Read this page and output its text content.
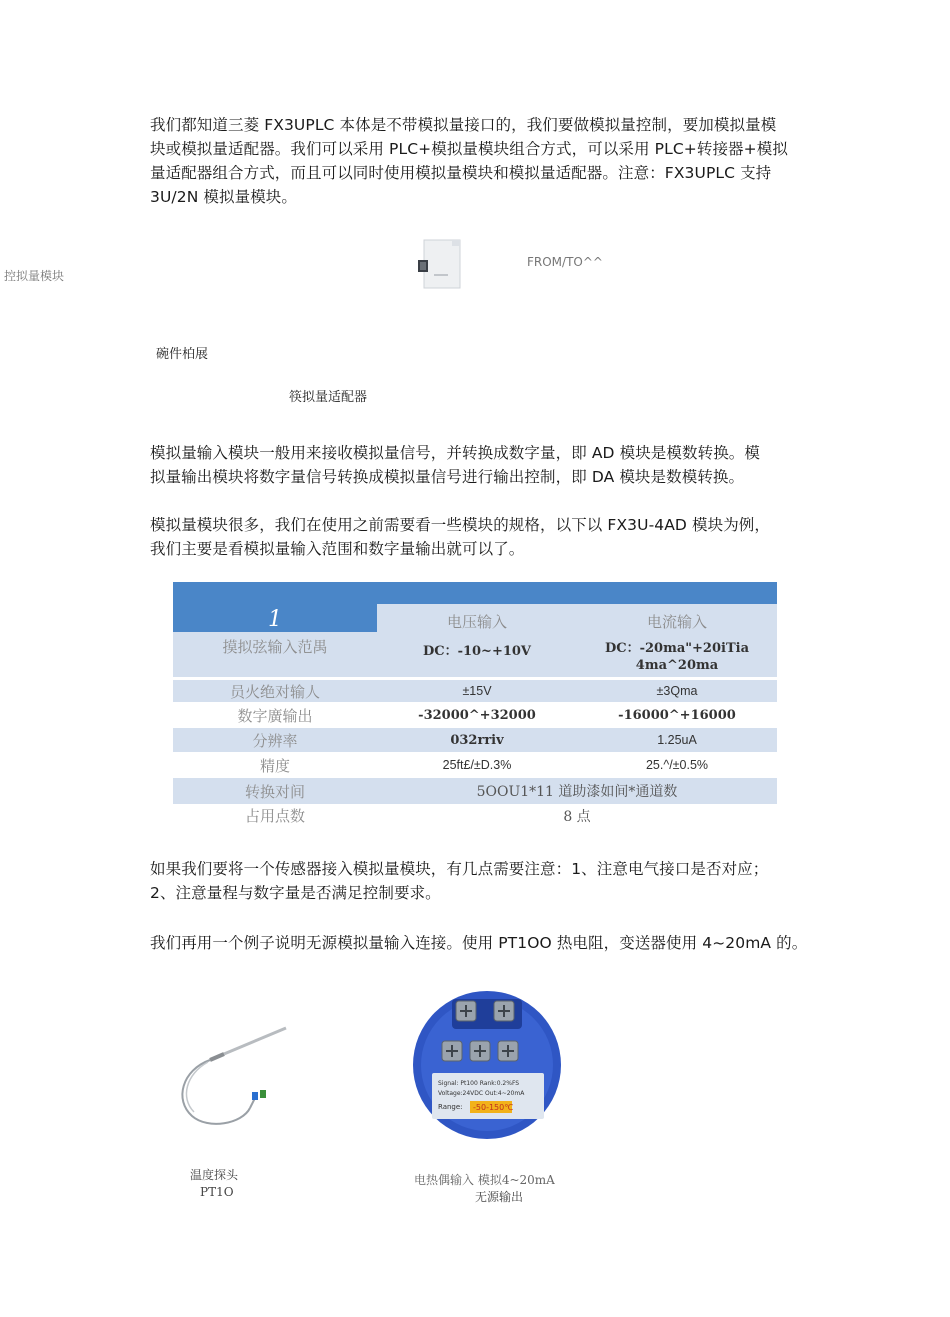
我们都知道三菱 FX3UPLC 本体是不带模拟量接口的，我们要做模拟量控制，要加模拟量模
块或模拟量适配器。我们可以采用 PLC+模拟量模块组合方式，可以采用 PLC+转接器+模拟
量适配器组合方式，而且可以同时使用模拟量模块和模拟量适配器。注意：FX3UPLC 支持
3U/2N 模拟量模块。
控拟量模块
FROM/TO^^
碗件柏展
筷拟量适配器
模拟量输入模块一般用来接收模拟量信号，并转换成数字量，即 AD 模块是模数转换。模
拟量输出模块将数字量信号转换成模拟量信号进行输出控制，即 DA 模块是数模转换。
模拟量模块很多，我们在使用之前需要看一些模块的规格，以下以 FX3U-4AD 模块为例，
我们主要是看模拟量输入范围和数字量输出就可以了。
1	电压输入	电流输入
摸拟弦输入范禺	DC：-10~+10V	DC：-20ma"+20iTia
4ma^20ma
员火绝对输人	±15V	±3Qma
数字廣输出	-32000^+32000	-16000^+16000
分辨率	032rriv	1.25uA
精度	25ft£/±D.3%	25.^/±0.5%
转换对间	5OOU1*11 道助漆如间*通道数
占用点数	8 点
如果我们要将一个传感器接入模拟量模块，有几点需要注意：1、注意电气接口是否对应；
2、注意量程与数字量是否满足控制要求。
我们再用一个例子说明无源模拟量输入连接。使用 PT1OO 热电阻，变送器使用 4~20mA 的。
温度探头
PT1O
Signal: Pt100 Rank:0.2%FS
Voltage:24VDC Out:4~20mA
Range: -50-150℃
电热偶输入 模拟4~20mA
无源输出
